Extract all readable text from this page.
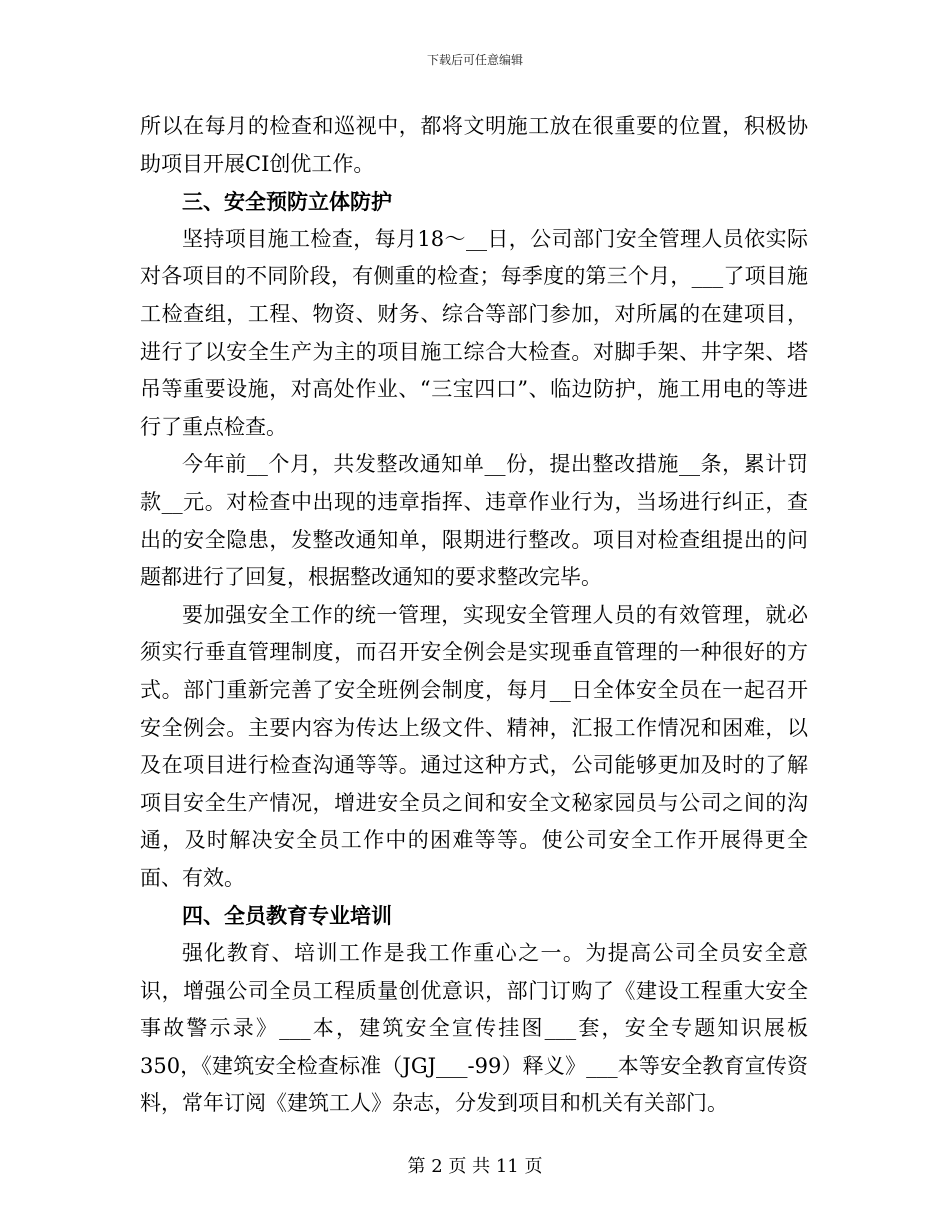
下载后可任意编辑

所以在每月的检查和巡视中，都将文明施工放在很重要的位置，积极协助项目开展CI创优工作。

三、安全预防立体防护

坚持项目施工检查，每月18～__日，公司部门安全管理人员依实际对各项目的不同阶段，有侧重的检查；每季度的第三个月，___了项目施工检查组，工程、物资、财务、综合等部门参加，对所属的在建项目，进行了以安全生产为主的项目施工综合大检查。对脚手架、井字架、塔吊等重要设施，对高处作业、“三宝四口”、临边防护，施工用电的等进行了重点检查。

今年前__个月，共发整改通知单__份，提出整改措施__条，累计罚款__元。对检查中出现的违章指挥、违章作业行为，当场进行纠正，查出的安全隐患，发整改通知单，限期进行整改。项目对检查组提出的问题都进行了回复，根据整改通知的要求整改完毕。

要加强安全工作的统一管理，实现安全管理人员的有效管理，就必须实行垂直管理制度，而召开安全例会是实现垂直管理的一种很好的方式。部门重新完善了安全班例会制度，每月__日全体安全员在一起召开安全例会。主要内容为传达上级文件、精神，汇报工作情况和困难，以及在项目进行检查沟通等等。通过这种方式，公司能够更加及时的了解项目安全生产情况，增进安全员之间和安全文秘家园员与公司之间的沟通，及时解决安全员工作中的困难等等。使公司安全工作开展得更全面、有效。

四、全员教育专业培训

强化教育、培训工作是我工作重心之一。为提高公司全员安全意识，增强公司全员工程质量创优意识，部门订购了《建设工程重大安全事故警示录》___本，建筑安全宣传挂图___套，安全专题知识展板350，《建筑安全检查标准（JGJ___-99）释义》___本等安全教育宣传资料，常年订阅《建筑工人》杂志，分发到项目和机关有关部门。

第 2 页 共 11 页
